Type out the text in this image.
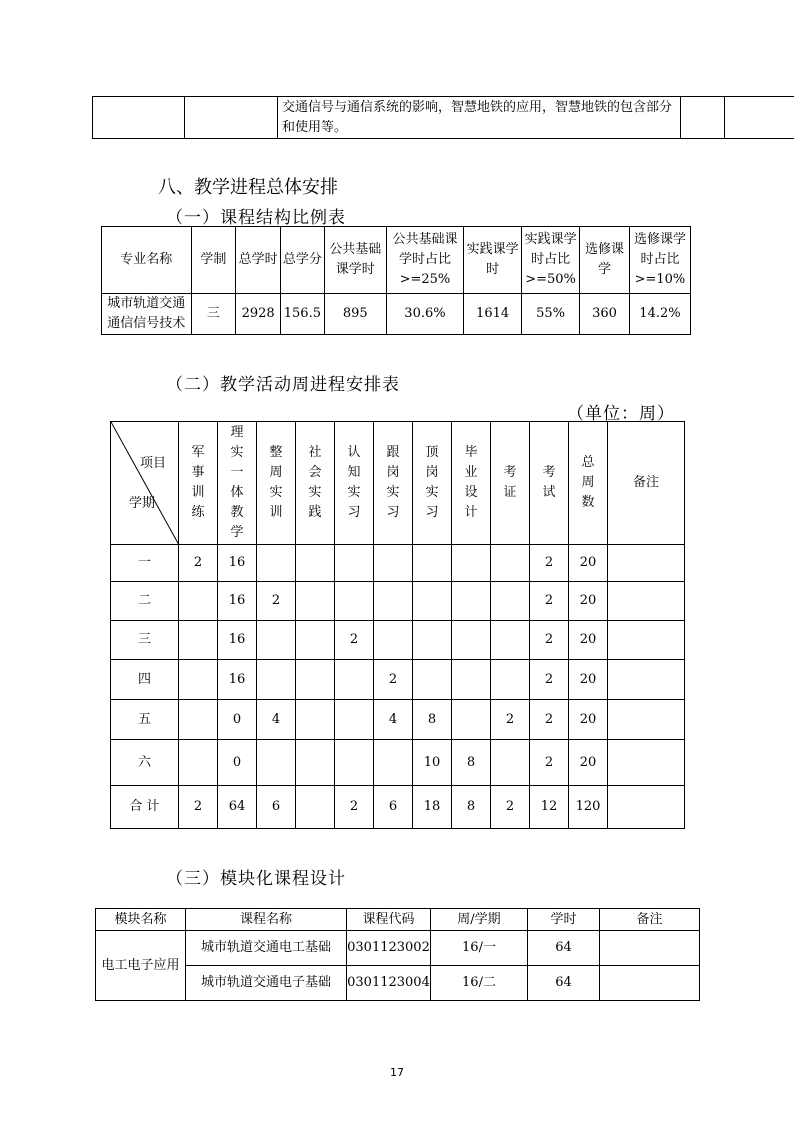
		交通信号与通信系统的影响，智慧地铁的应用，智慧地铁的包含部分和使用等。		
八、教学进程总体安排
（一）课程结构比例表
专业名称	学制	总学时	总学分	公共基础课学时	公共基础课学时占比>=25%	实践课学时	实践课学时占比>=50%	选修课学	选修课学时占比>=10%
城市轨道交通通信信号技术	三	2928	156.5	895	30.6%	1614	55%	360	14.2%
（二）教学活动周进程安排表
（单位：周）
项目
学期	军事训练	理实一体教学	整周实训	社会实践	认知实习	跟岗实习	顶岗实习	毕业设计	考证	考试	总周数	备注
一	2	16								2	20	
二		16	2							2	20	
三		16			2					2	20	
四		16				2				2	20	
五		0	4			4	8		2	2	20	
六		0					10	8		2	20	
合 计	2	64	6		2	6	18	8	2	12	120	
（三）模块化课程设计
模块名称	课程名称	课程代码	周/学期	学时	备注
电工电子应用	城市轨道交通电工基础	0301123002	16/一	64	
	城市轨道交通电子基础	0301123004	16/二	64	
17
